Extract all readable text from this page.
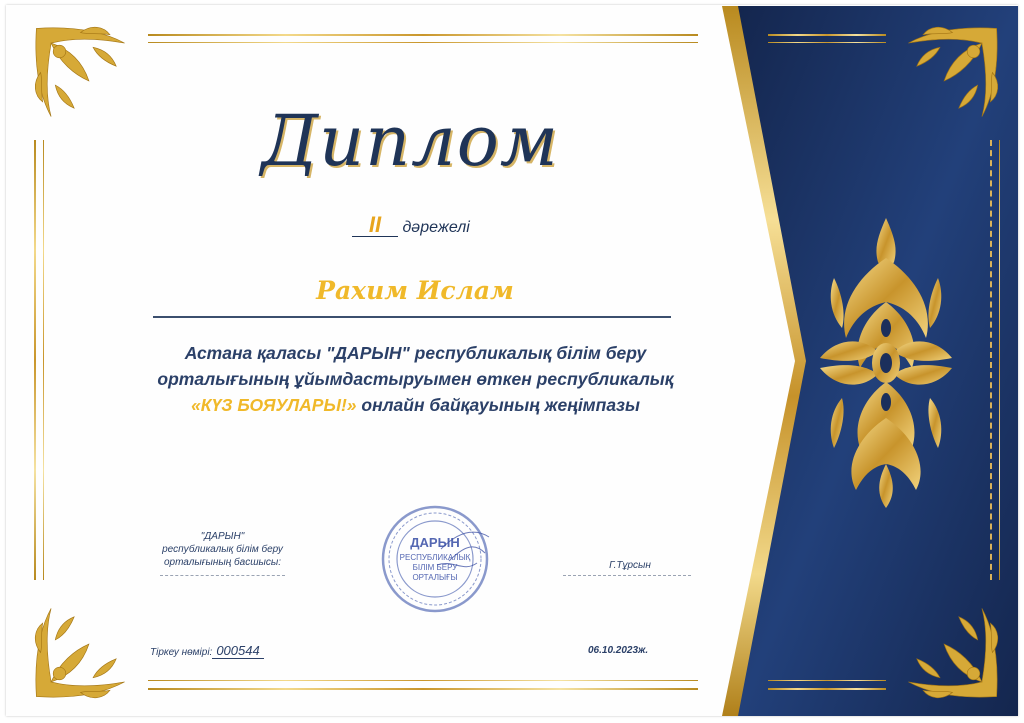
Диплом
II дәрежелі
Рахим Ислам
Астана қаласы "ДАРЫН" республикалық білім беру
орталығының ұйымдастыруымен өткен республикалық
«КҮЗ БОЯУЛАРЫ!» онлайн байқауының жеңімпазы
"ДАРЫН"
республикалық білім беру
орталығының басшысы:
ДАРЫН
РЕСПУБЛИКАЛЫҚ
БІЛІМ БЕРУ
ОРТАЛЫҒЫ
Г.Тұрсын
Тіркеу нөмірі: 000544	06.10.2023ж.
